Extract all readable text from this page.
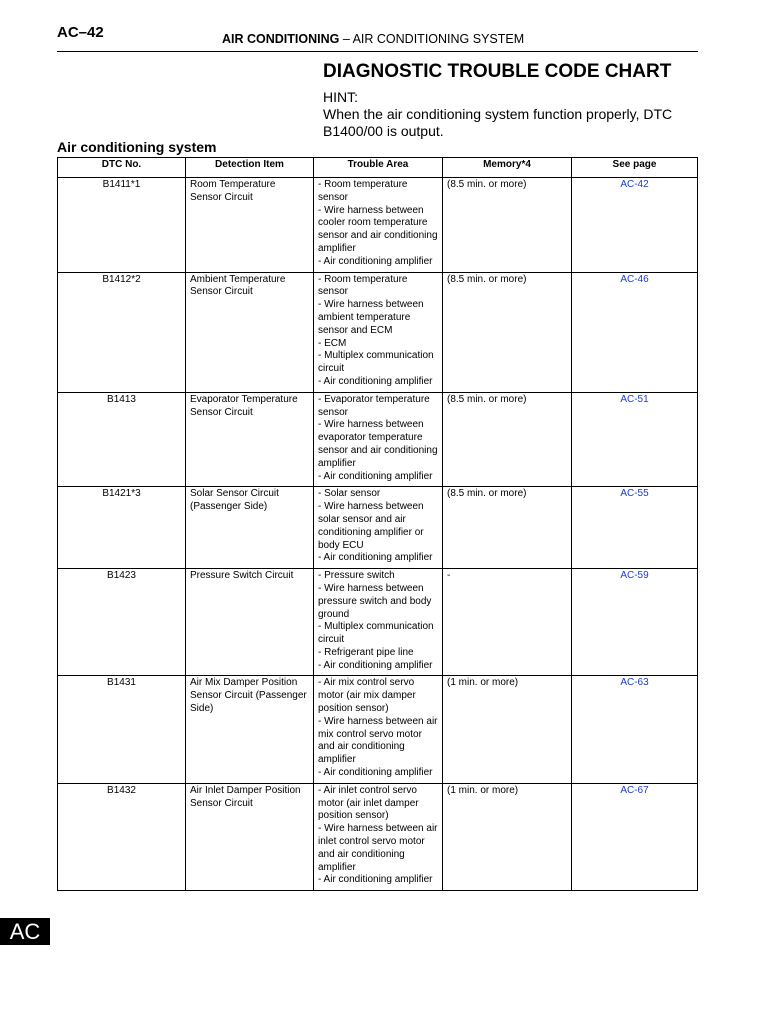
AC–42	AIR CONDITIONING – AIR CONDITIONING SYSTEM
DIAGNOSTIC TROUBLE CODE CHART
HINT:
When the air conditioning system function properly, DTC B1400/00 is output.
Air conditioning system
DTC No.	Detection Item	Trouble Area	Memory*4	See page
B1411*1	Room Temperature Sensor Circuit	- Room temperature sensor
- Wire harness between cooler room temperature sensor and air conditioning amplifier
- Air conditioning amplifier	(8.5 min. or more)	AC-42
B1412*2	Ambient Temperature Sensor Circuit	- Room temperature sensor
- Wire harness between ambient temperature sensor and ECM
- ECM
- Multiplex communication circuit
- Air conditioning amplifier	(8.5 min. or more)	AC-46
B1413	Evaporator Temperature Sensor Circuit	- Evaporator temperature sensor
- Wire harness between evaporator temperature sensor and air conditioning amplifier
- Air conditioning amplifier	(8.5 min. or more)	AC-51
B1421*3	Solar Sensor Circuit (Passenger Side)	- Solar sensor
- Wire harness between solar sensor and air conditioning amplifier or body ECU
- Air conditioning amplifier	(8.5 min. or more)	AC-55
B1423	Pressure Switch Circuit	- Pressure switch
- Wire harness between pressure switch and body ground
- Multiplex communication circuit
- Refrigerant pipe line
- Air conditioning amplifier	-	AC-59
B1431	Air Mix Damper Position Sensor Circuit (Passenger Side)	- Air mix control servo motor (air mix damper position sensor)
- Wire harness between air mix control servo motor and air conditioning amplifier
- Air conditioning amplifier	(1 min. or more)	AC-63
B1432	Air Inlet Damper Position Sensor Circuit	- Air inlet control servo motor (air inlet damper position sensor)
- Wire harness between air inlet control servo motor and air conditioning amplifier
- Air conditioning amplifier	(1 min. or more)	AC-67
AC
